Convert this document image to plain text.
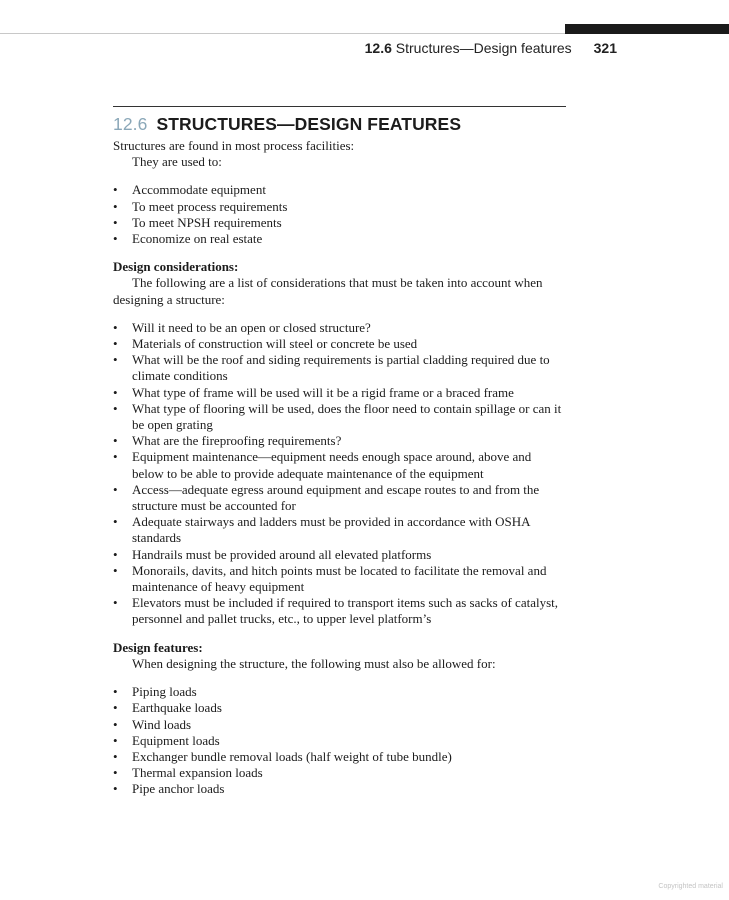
12.6 Structures—Design features 321
12.6 STRUCTURES—DESIGN FEATURES

Structures are found in most process facilities:

They are used to:

• Accommodate equipment
• To meet process requirements
• To meet NPSH requirements
• Economize on real estate
Design considerations:

The following are a list of considerations that must be taken into account when designing a structure:

• Will it need to be an open or closed structure?
• Materials of construction will steel or concrete be used
• What will be the roof and siding requirements is partial cladding required due to climate conditions
• What type of frame will be used will it be a rigid frame or a braced frame
• What type of flooring will be used, does the floor need to contain spillage or can it be open grating
• What are the fireproofing requirements?
• Equipment maintenance—equipment needs enough space around, above and below to be able to provide adequate maintenance of the equipment
• Access—adequate egress around equipment and escape routes to and from the structure must be accounted for
• Adequate stairways and ladders must be provided in accordance with OSHA standards
• Handrails must be provided around all elevated platforms
• Monorails, davits, and hitch points must be located to facilitate the removal and maintenance of heavy equipment
• Elevators must be included if required to transport items such as sacks of catalyst, personnel and pallet trucks, etc., to upper level platform’s
Design features:

When designing the structure, the following must also be allowed for:

• Piping loads
• Earthquake loads
• Wind loads
• Equipment loads
• Exchanger bundle removal loads (half weight of tube bundle)
• Thermal expansion loads
• Pipe anchor loads
Copyrighted material
